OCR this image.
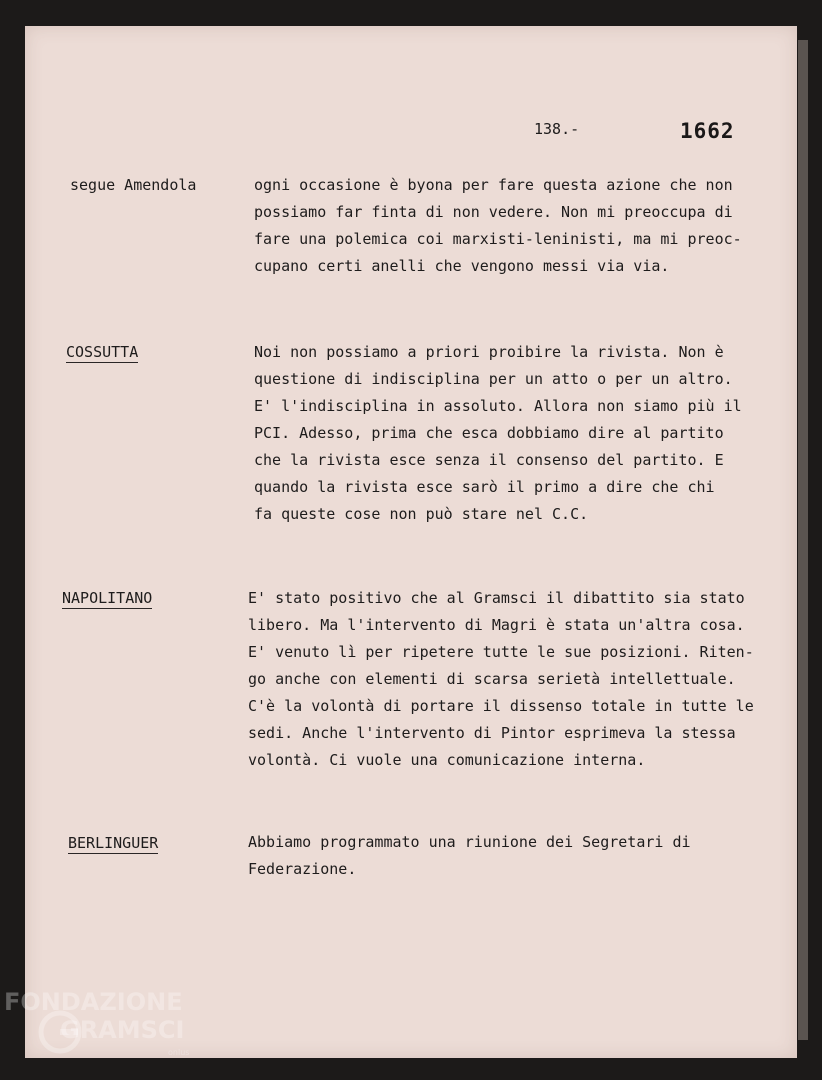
138.-	1662
segue Amendola	ogni occasione è byona per fare questa azione che non
possiamo far finta di non vedere. Non mi preoccupa di
fare una polemica coi marxisti-leninisti, ma mi preoc-
cupano certi anelli che vengono messi via via.
COSSUTTA	Noi non possiamo a priori proibire la rivista. Non è
questione di indisciplina per un atto o per un altro.
E' l'indisciplina in assoluto. Allora non siamo più il
PCI. Adesso, prima che esca dobbiamo dire al partito
che la rivista esce senza il consenso del partito. E
quando la rivista esce sarò il primo a dire che chi
fa queste cose non può stare nel C.C.
NAPOLITANO	E' stato positivo che al Gramsci il dibattito sia stato
libero. Ma l'intervento di Magri è stata un'altra cosa.
E' venuto lì per ripetere tutte le sue posizioni. Riten-
go anche con elementi di scarsa serietà intellettuale.
C'è la volontà di portare il dissenso totale in tutte le
sedi. Anche l'intervento di Pintor esprimeva la stessa
volontà. Ci vuole una comunicazione interna.
BERLINGUER	Abbiamo programmato una riunione dei Segretari di
Federazione.
FONDAZIONE
GRAMSCI
onlus
